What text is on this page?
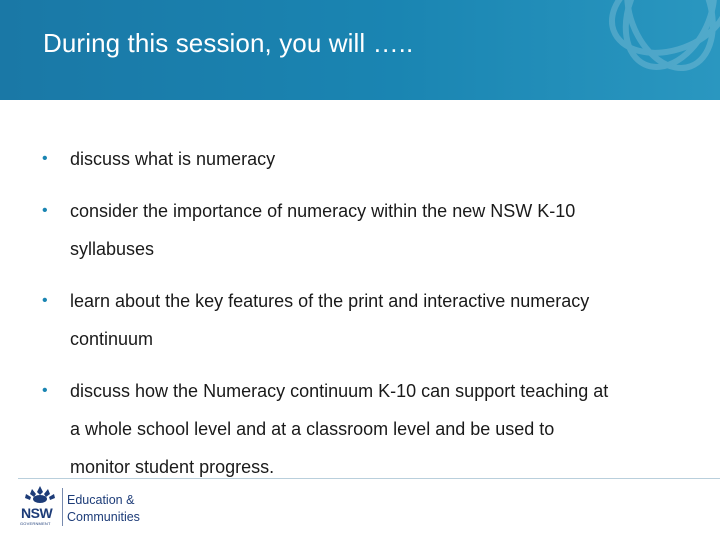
During this session, you will …..
• discuss what is numeracy
• consider the importance of numeracy within the new NSW K-10
syllabuses
• learn about the key features of the print and interactive numeracy
continuum
• discuss how the Numeracy continuum K-10 can support teaching at
a whole school level and at a classroom level and be used to
monitor student progress.
NSW
GOVERNMENT
Education &
Communities
